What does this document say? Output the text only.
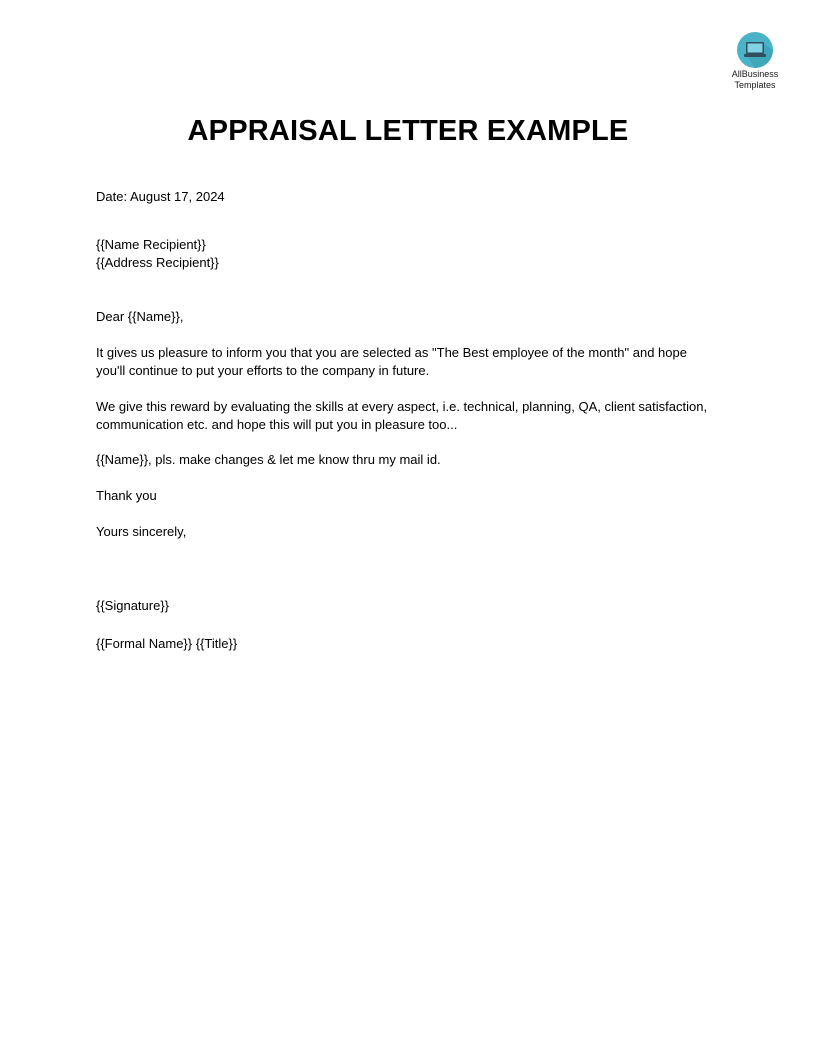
AllBusiness
Templates
APPRAISAL LETTER EXAMPLE

Date: August 17, 2024

{{Name Recipient}}

{{Address Recipient}}

Dear {{Name}},

It gives us pleasure to inform you that you are selected as "The Best employee of the month" and hope you'll continue to put your efforts to the company in future.

We give this reward by evaluating the skills at every aspect, i.e. technical, planning, QA, client satisfaction, communication etc. and hope this will put you in pleasure too...

{{Name}}, pls. make changes & let me know thru my mail id.

Thank you

Yours sincerely,

{{Signature}}

{{Formal Name}} {{Title}}
